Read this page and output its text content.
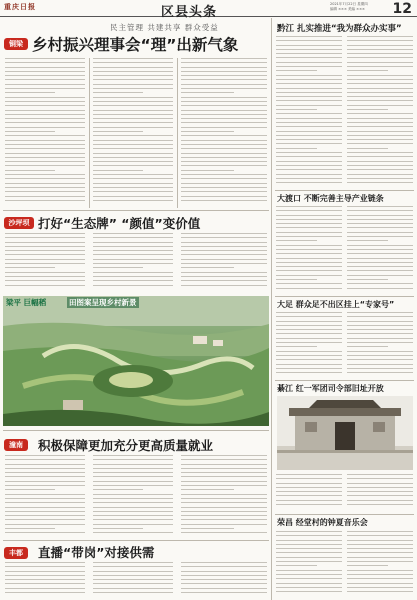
重庆日报	区县头条
2021年7月22日 星期四
编辑 ××× 美编 ×××	12
民主管理 共建共享 群众受益
铜梁 乡村振兴理事会“理”出新气象
沙坪坝 打好“生态牌” “颜值”变价值
梁平 巨幅稻	田图案呈现乡村新景
潼南	积极保障更加充分更高质量就业
丰都	直播“带岗”对接供需
黔江 扎实推进“我为群众办实事”
大渡口 不断完善主导产业链条
大足 群众足不出区挂上“专家号”
綦江 红一军团司令部旧址开放
荣昌 经堂村的钟夏音乐会
